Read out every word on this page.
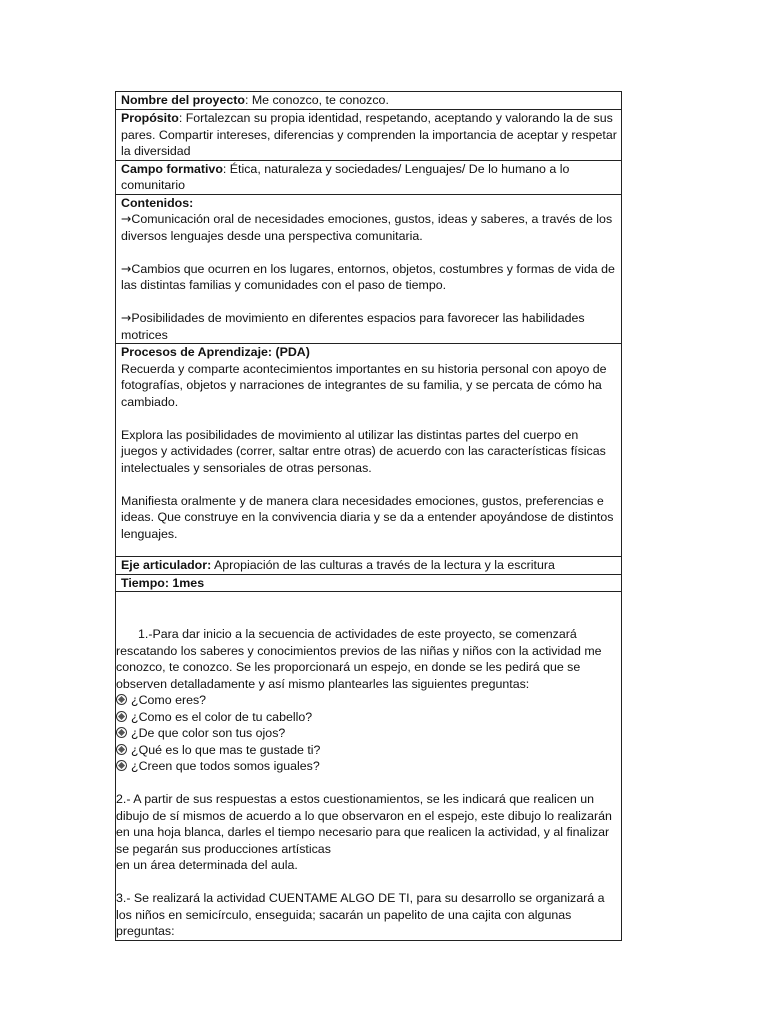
Nombre del proyecto: Me conozco, te conozco.
Propósito: Fortalezcan su propia identidad, respetando, aceptando y valorando la de sus pares. Compartir intereses, diferencias y comprenden la importancia de aceptar y respetar la diversidad
Campo formativo: Ética, naturaleza y sociedades/ Lenguajes/ De lo humano a lo comunitario

Contenidos:
→Comunicación oral de necesidades emociones, gustos, ideas y saberes, a través de los diversos lenguajes desde una perspectiva comunitaria.
→Cambios que ocurren en los lugares, entornos, objetos, costumbres y formas de vida de las distintas familias y comunidades con el paso de tiempo.
→Posibilidades de movimiento en diferentes espacios para favorecer las habilidades motrices

Procesos de Aprendizaje: (PDA)
Recuerda y comparte acontecimientos importantes en su historia personal con apoyo de fotografías, objetos y narraciones de integrantes de su familia, y se percata de cómo ha cambiado.
Explora las posibilidades de movimiento al utilizar las distintas partes del cuerpo en juegos y actividades (correr, saltar entre otras) de acuerdo con las características físicas intelectuales y sensoriales de otras personas.
Manifiesta oralmente y de manera clara necesidades emociones, gustos, preferencias e ideas. Que construye en la convivencia diaria y se da a entender apoyándose de distintos lenguajes.

Eje articulador: Apropiación de las culturas a través de la lectura y la escritura
Tiempo: 1mes

1.-Para dar inicio a la secuencia de actividades de este proyecto, se comenzará rescatando los saberes y conocimientos previos de las niñas y niños con la actividad me conozco, te conozco. Se les proporcionará un espejo, en donde se les pedirá que se observen detalladamente y así mismo plantearles las siguientes preguntas:
¿Como eres?
¿Como es el color de tu cabello?
¿De que color son tus ojos?
¿Qué es lo que mas te gustade ti?
¿Creen que todos somos iguales?
2.- A partir de sus respuestas a estos cuestionamientos, se les indicará que realicen un dibujo de sí mismos de acuerdo a lo que observaron en el espejo, este dibujo lo realizarán en una hoja blanca, darles el tiempo necesario para que realicen la actividad, y al finalizar se pegarán sus producciones artísticas
en un área determinada del aula.
3.- Se realizará la actividad CUENTAME ALGO DE TI, para su desarrollo se organizará a los niños en semicírculo, enseguida; sacarán un papelito de una cajita con algunas preguntas:
